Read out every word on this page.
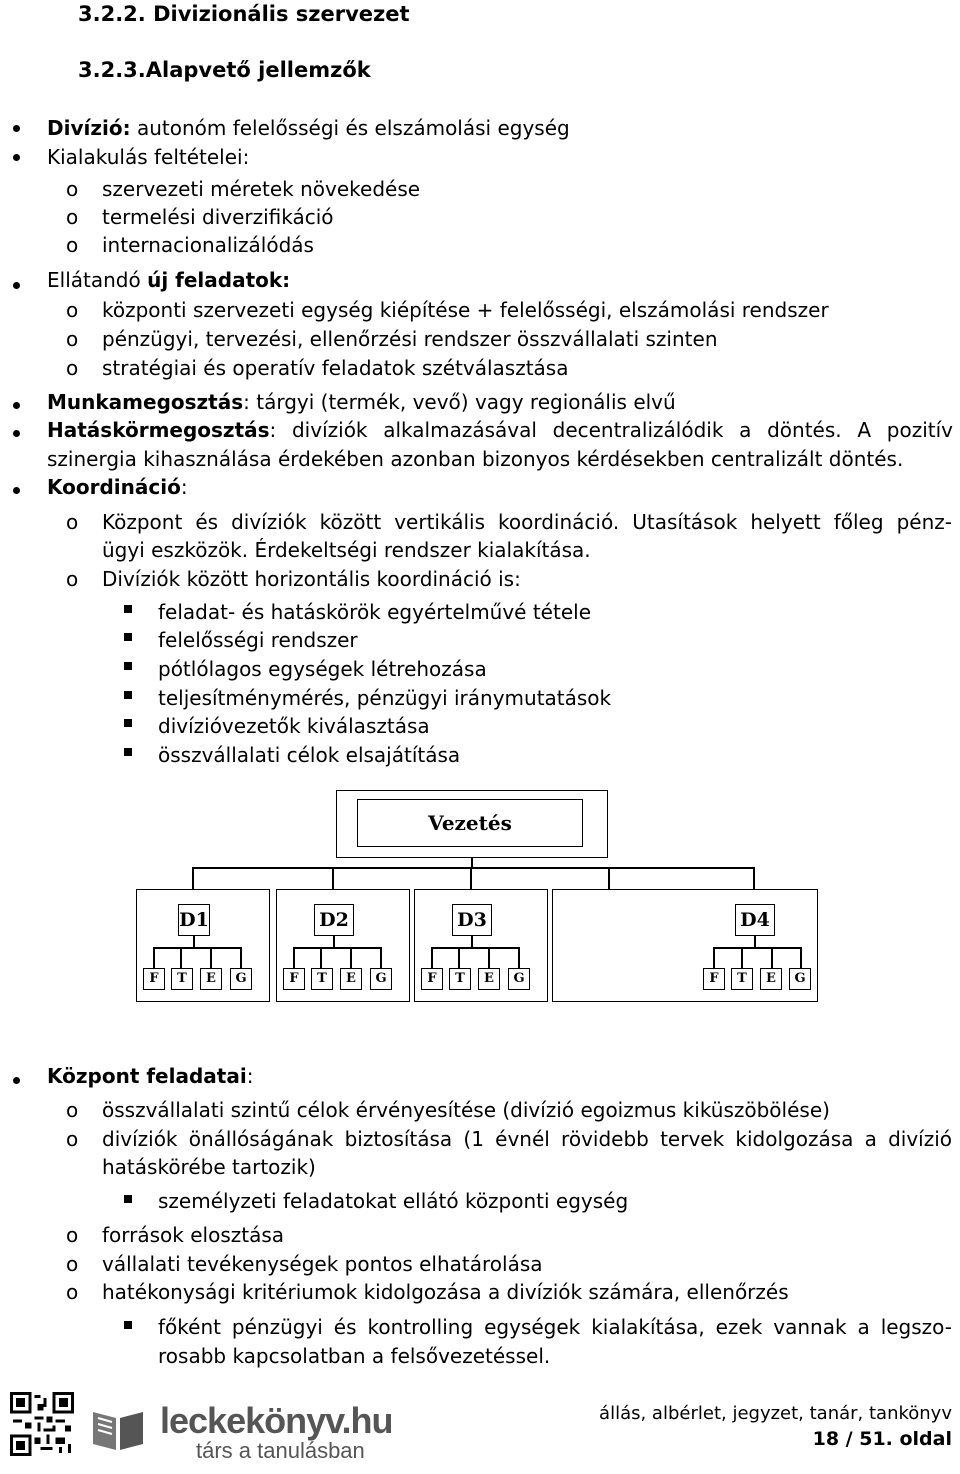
3.2.2. Divizionális szervezet
3.2.3.Alapvető jellemzők
Divízió: autonóm felelősségi és elszámolási egység
Kialakulás feltételei:
o szervezeti méretek növekedése
o termelési diverzifikáció
o internacionalizálódás
Ellátandó új feladatok:
o központi szervezeti egység kiépítése + felelősségi, elszámolási rendszer
o pénzügyi, tervezési, ellenőrzési rendszer összvállalati szinten
o stratégiai és operatív feladatok szétválasztása
Munkamegosztás: tárgyi (termék, vevő) vagy regionális elvű
Hatáskörmegosztás: divíziók alkalmazásával decentralizálódik a döntés. A pozitív
szinergia kihasználása érdekében azonban bizonyos kérdésekben centralizált döntés.
Koordináció:
o Központ és divíziók között vertikális koordináció. Utasítások helyett főleg pénz-
ügyi eszközök. Érdekeltségi rendszer kialakítása.
o Divíziók között horizontális koordináció is:
feladat- és hatáskörök egyértelművé tétele
felelősségi rendszer
pótlólagos egységek létrehozása
teljesítménymérés, pénzügyi iránymutatások
divízióvezetők kiválasztása
összvállalati célok elsajátítása
Vezetés
D1
F	T	E	G
D2
F	T	E	G
D3
F	T	E	G
D4
F	T	E	G
Központ feladatai:
o összvállalati szintű célok érvényesítése (divízió egoizmus kiküszöbölése)
o divíziók önállóságának biztosítása (1 évnél rövidebb tervek kidolgozása a divízió
hatáskörébe tartozik)
személyzeti feladatokat ellátó központi egység
o források elosztása
o vállalati tevékenységek pontos elhatárolása
o hatékonysági kritériumok kidolgozása a divíziók számára, ellenőrzés
főként pénzügyi és kontrolling egységek kialakítása, ezek vannak a legszo-
rosabb kapcsolatban a felsővezetéssel.
leckekönyv.hu
társ a tanulásban
állás, albérlet, jegyzet, tanár, tankönyv
18 / 51. oldal
